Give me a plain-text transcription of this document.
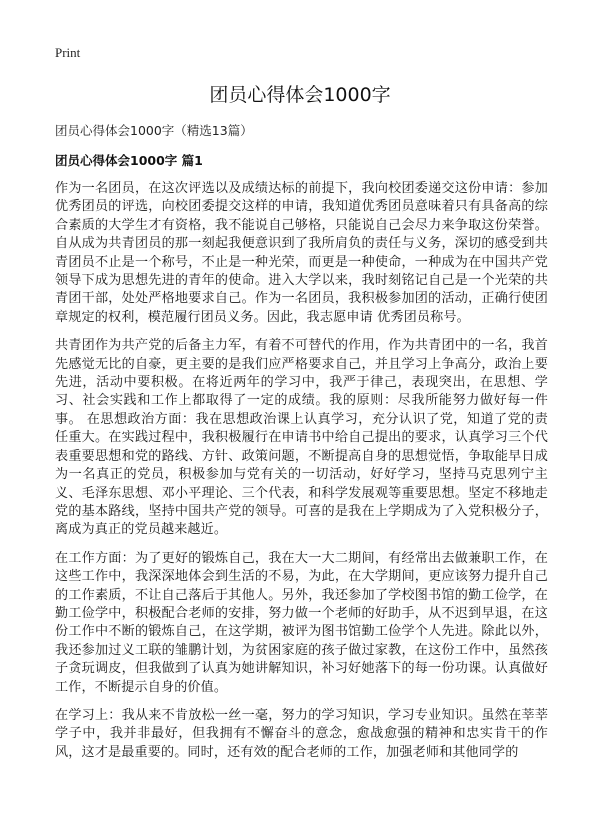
Print
团员心得体会1000字
团员心得体会1000字（精选13篇）
团员心得体会1000字 篇1

作为一名团员，在这次评选以及成绩达标的前提下，我向校团委递交这份申请：参加优秀团员的评选，向校团委提交这样的申请，我知道优秀团员意味着只有具备高的综合素质的大学生才有资格，我不能说自己够格，只能说自己会尽力来争取这份荣誉。 自从成为共青团员的那一刻起我便意识到了我所肩负的责任与义务，深切的感受到共青团员不止是一个称号，不止是一种光荣，而更是一种使命，一种成为在中国共产党领导下成为思想先进的青年的使命。进入大学以来，我时刻铭记自己是一个光荣的共青团干部，处处严格地要求自己。作为一名团员，我积极参加团的活动，正确行使团章规定的权利，模范履行团员义务。因此，我志愿申请 优秀团员称号。

共青团作为共产党的后备主力军，有着不可替代的作用，作为共青团中的一名，我首先感觉无比的自豪，更主要的是我们应严格要求自己，并且学习上争高分，政治上要先进，活动中要积极。在将近两年的学习中，我严于律己，表现突出，在思想、学习、社会实践和工作上都取得了一定的成绩。我的原则：尽我所能努力做好每一件事。 在思想政治方面：我在思想政治课上认真学习，充分认识了党，知道了党的责任重大。在实践过程中，我积极履行在申请书中给自己提出的要求，认真学习三个代表重要思想和党的路线、方针、政策问题，不断提高自身的思想觉悟，争取能早日成为一名真正的党员，积极参加与党有关的一切活动，好好学习，坚持马克思列宁主义、毛泽东思想、邓小平理论、三个代表，和科学发展观等重要思想。坚定不移地走党的基本路线，坚持中国共产党的领导。可喜的是我在上学期成为了入党积极分子，离成为真正的党员越来越近。

在工作方面：为了更好的锻炼自己，我在大一大二期间，有经常出去做兼职工作，在这些工作中，我深深地体会到生活的不易，为此，在大学期间，更应该努力提升自己的工作素质，不让自己落后于其他人。另外，我还参加了学校图书馆的勤工俭学，在勤工俭学中，积极配合老师的安排，努力做一个老师的好助手，从不迟到早退，在这份工作中不断的锻炼自己，在这学期，被评为图书馆勤工俭学个人先进。除此以外，我还参加过义工联的雏鹏计划，为贫困家庭的孩子做过家教，在这份工作中，虽然孩子贪玩调皮，但我做到了认真为她讲解知识，补习好她落下的每一份功课。认真做好工作，不断提示自身的价值。

在学习上：我从来不肯放松一丝一毫，努力的学习知识，学习专业知识。虽然在莘莘学子中，我并非最好，但我拥有不懈奋斗的意念，愈战愈强的精神和忠实肯干的作风，这才是最重要的。同时，还有效的配合老师的工作，加强老师和其他同学的
